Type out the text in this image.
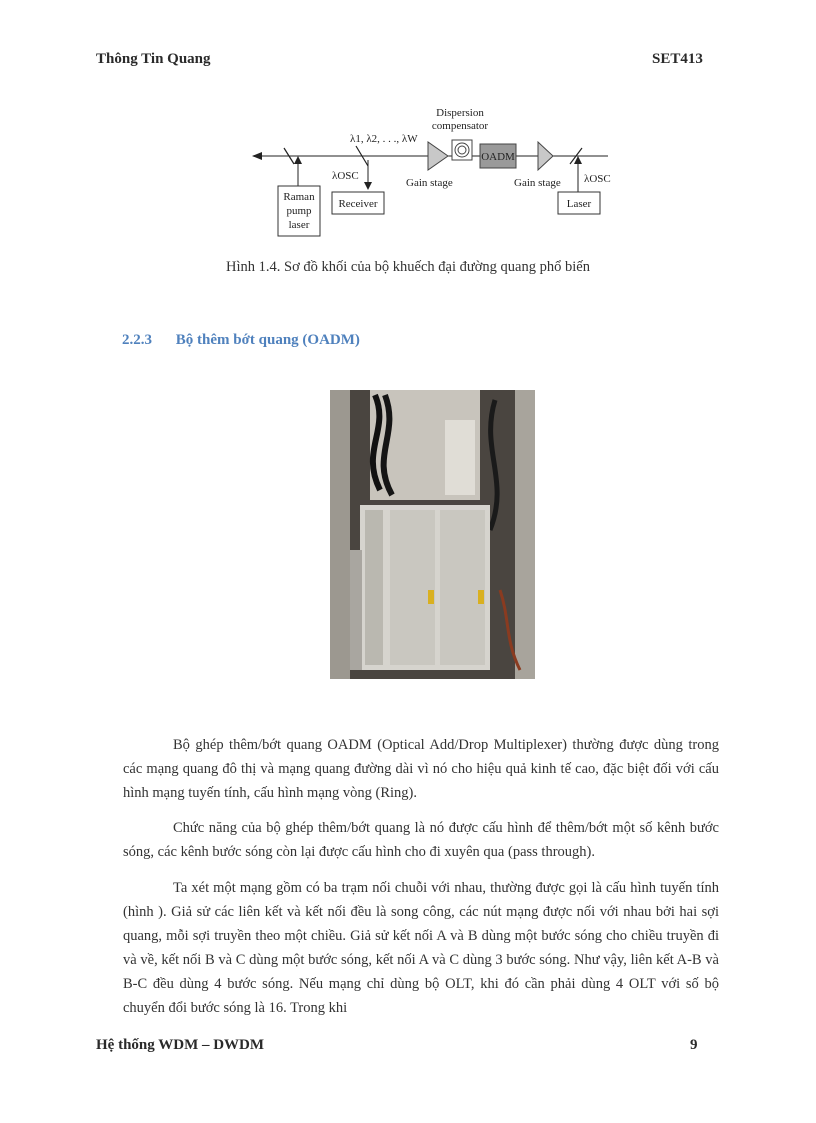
Thông Tin Quang	SET413
Raman
pump
laser
Receiver
λOSC
λ1, λ2, . . ., λW
Gain stage
Dispersion
compensator
OADM
Gain stage λOSC
Laser
Hình 1.4. Sơ đồ khối của bộ khuếch đại đường quang phổ biến
2.2.3 Bộ thêm bớt quang (OADM)

Bộ ghép thêm/bớt quang OADM (Optical Add/Drop Multiplexer) thường được dùng trong các mạng quang đô thị và mạng quang đường dài vì nó cho hiệu quả kinh tế cao, đặc biệt đối với cấu hình mạng tuyến tính, cấu hình mạng vòng (Ring).

Chức năng của bộ ghép thêm/bớt quang là nó được cấu hình để thêm/bớt một số kênh bước sóng, các kênh bước sóng còn lại được cấu hình cho đi xuyên qua (pass through).

Ta xét một mạng gồm có ba trạm nối chuỗi với nhau, thường được gọi là cấu hình tuyến tính (hình ). Giả sử các liên kết và kết nối đều là song công, các nút mạng được nối với nhau bởi hai sợi quang, mỗi sợi truyền theo một chiều. Giả sử kết nối A và B dùng một bước sóng cho chiều truyền đi và về, kết nối B và C dùng một bước sóng, kết nối A và C dùng 3 bước sóng. Như vậy, liên kết A-B và B-C đều dùng 4 bước sóng. Nếu mạng chỉ dùng bộ OLT, khi đó cần phải dùng 4 OLT với số bộ chuyển đổi bước sóng là 16. Trong khi

Hệ thống WDM – DWDM	9
